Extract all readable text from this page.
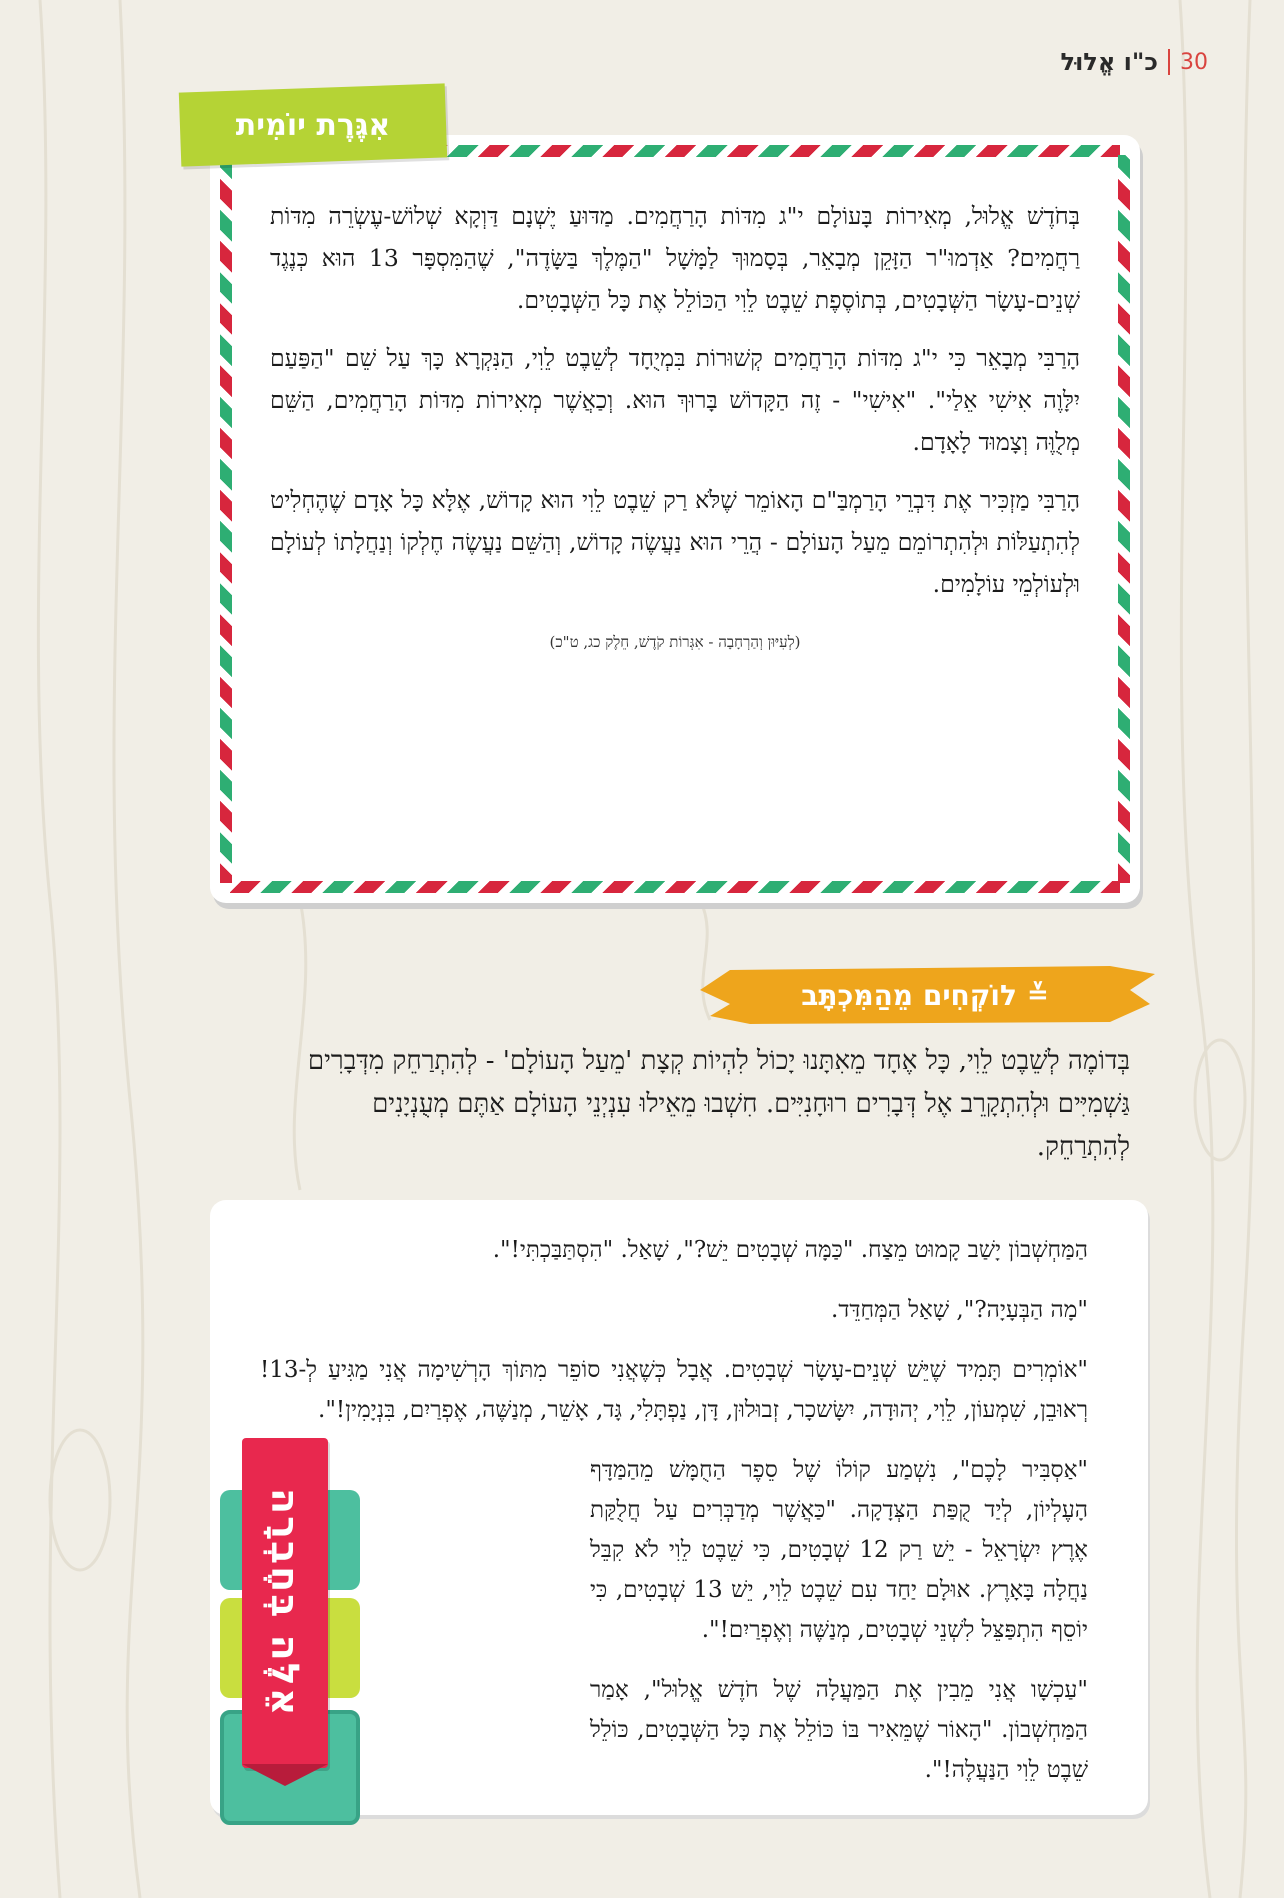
30
כ"ו אֱלוּל

בְּחֹדֶשׁ אֱלוּל, מְאִירוֹת בָּעוֹלָם י"ג מִדּוֹת הָרַחֲמִים. מַדּוּעַ יֶשְׁנָם דַּוְקָא שְׁלוֹשׁ-עֶשְׂרֵה מִדּוֹת רַחֲמִים? אַדְמוּ"ר הַזָּקֵן מְבָאֵר, בְּסָמוּךְ לַמָּשָׁל "הַמֶּלֶךְ בַּשָּׂדֶה", שֶׁהַמִּסְפָּר 13 הוּא כְּנֶגֶד שְׁנֵים-עָשָׂר הַשְּׁבָטִים, בְּתוֹסֶפֶת שֵׁבֶט לֵוִי הַכּוֹלֵל אֶת כָּל הַשְּׁבָטִים.

הָרַבִּי מְבָאֵר כִּי י"ג מִדּוֹת הָרַחֲמִים קְשׁוּרוֹת בִּמְיֻחָד לְשֵׁבֶט לֵוִי, הַנִּקְרָא כָּךְ עַל שֵׁם "הַפַּעַם יִלָּוֶה אִישִׁי אֵלַי". "אִישִׁי" - זֶה הַקָּדוֹשׁ בָּרוּךְ הוּא. וְכַאֲשֶׁר מְאִירוֹת מִדּוֹת הָרַחֲמִים, הַשֵּׁם מְלֻוֶּה וְצָמוּד לָאָדָם.

הָרַבִּי מַזְכִּיר אֶת דִּבְרֵי הָרַמְבַּ"ם הָאוֹמֵר שֶׁלֹּא רַק שֵׁבֶט לֵוִי הוּא קָדוֹשׁ, אֶלָּא כָּל אָדָם שֶׁהֶחְלִיט לְהִתְעַלּוֹת וּלְהִתְרוֹמֵם מֵעַל הָעוֹלָם - הֲרֵי הוּא נַעֲשֶׂה קָדוֹשׁ, וְהַשֵּׁם נַעֲשֶׂה חֶלְקוֹ וְנַחֲלָתוֹ לְעוֹלָם וּלְעוֹלְמֵי עוֹלָמִים.

(לְעִיּוּן וְהַרְחָבָה - אִגְּרוֹת קֹדֶשׁ, חֵלֶק כג, ט"כ)
אִגֶּרֶת יוֹמִית
≚
לוֹקְחִים מֵהַמִּכְתָּב
בְּדוֹמֶה לְשֵׁבֶט לֵוִי, כָּל אֶחָד מֵאִתָּנוּ יָכוֹל לִהְיוֹת קְצָת 'מֵעַל הָעוֹלָם' - לְהִתְרַחֵק מִדְּבָרִים גַּשְׁמִיִּים וּלְהִתְקָרֵב אֶל דְּבָרִים רוּחָנִיִּים. חִשְׁבוּ מֵאֵילוּ עִנְיְנֵי הָעוֹלָם אַתֶּם מְעֻנְיָנִים לְהִתְרַחֵק.

הַמַּחְשְׁבוֹן יָשַׁב קָמוּט מֵצַח. "כַּמָּה שְׁבָטִים יֵשׁ?", שָׁאַל. "הִסְתַּבַּכְתִּי!".

"מָה הַבְּעָיָה?", שָׁאַל הַמְּחַדֵּד.

"אוֹמְרִים תָּמִיד שֶׁיֵּשׁ שְׁנֵים-עָשָׂר שְׁבָטִים. אֲבָל כְּשֶׁאֲנִי סוֹפֵר מִתּוֹךְ הָרְשִׁימָה אֲנִי מַגִּיעַ לְ-13! רְאוּבֵן, שִׁמְעוֹן, לֵוִי, יְהוּדָה, יִשָּׂשכָר, זְבוּלוּן, דָּן, נַפְתָּלִי, גָּד, אָשֵׁר, מְנַשֶּׁה, אֶפְרַיִם, בִּנְיָמִין!".

"אַסְבִּיר לָכֶם", נִשְׁמַע קוֹלוֹ שֶׁל סֵפֶר הַחֻמָּשׁ מֵהַמַּדָּף הָעֶלְיוֹן, לְיַד קֻפַּת הַצְּדָקָה. "כַּאֲשֶׁר מְדַבְּרִים עַל חֲלֻקַּת אֶרֶץ יִשְׂרָאֵל - יֵשׁ רַק 12 שְׁבָטִים, כִּי שֵׁבֶט לֵוִי לֹא קִבֵּל נַחֲלָה בָּאָרֶץ. אוּלָם יַחַד עִם שֵׁבֶט לֵוִי, יֵשׁ 13 שְׁבָטִים, כִּי יוֹסֵף הִתְפַּצֵּל לִשְׁנֵי שְׁבָטִים, מְנַשֶּׁה וְאֶפְרַיִם!".

"עַכְשָׁו אֲנִי מֵבִין אֶת הַמַּעֲלָה שֶׁל חֹדֶשׁ אֱלוּל", אָמַר הַמַּחְשְׁבוֹן. "הָאוֹר שֶׁמֵּאִיר בּוֹ כּוֹלֵל אֶת כָּל הַשְּׁבָטִים, כּוֹלֵל שֵׁבֶט לֵוִי הַנַּעֲלֶה!".

אֵלֶּה בְּחֶבְרָה
